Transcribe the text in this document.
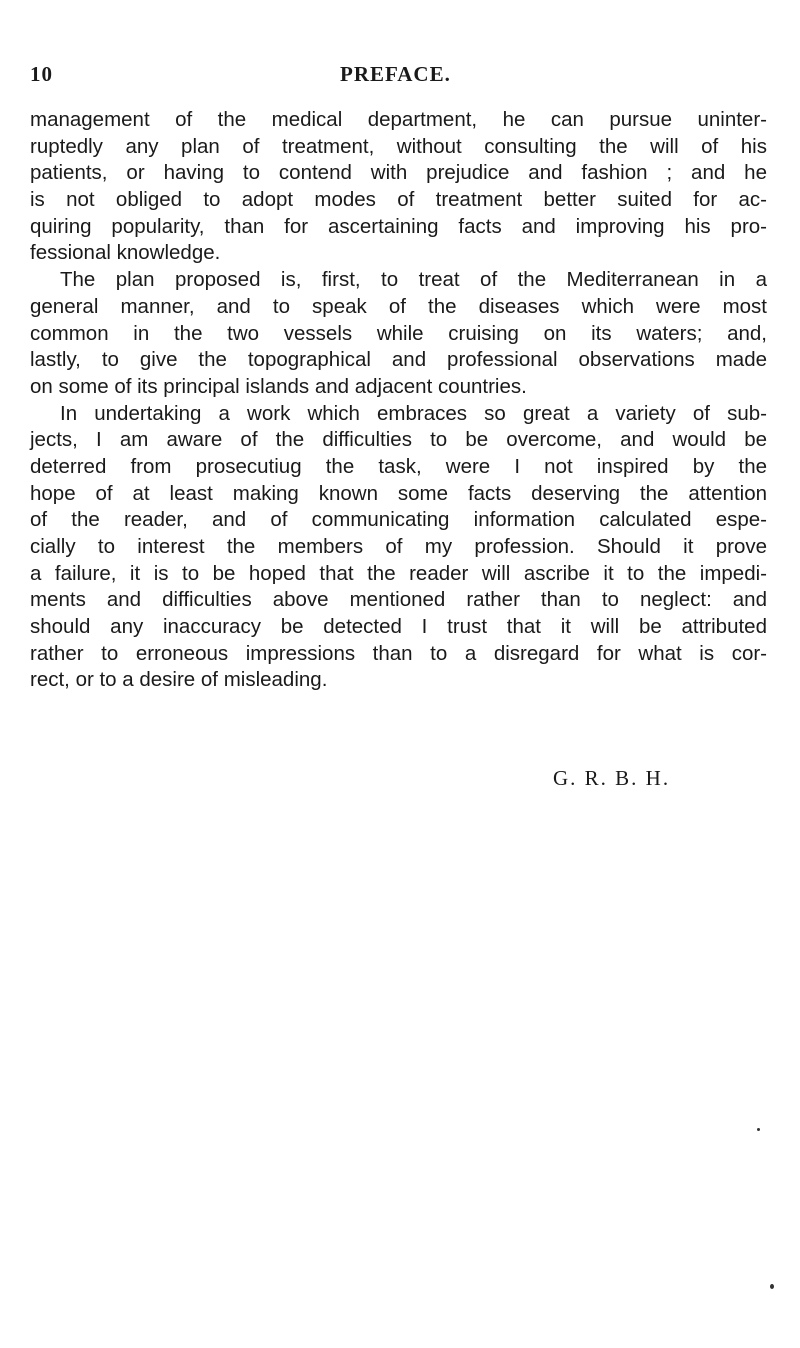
10	PREFACE.
management of the medical department, he can pursue uninter-
ruptedly any plan of treatment, without consulting the will of his
patients, or having to contend with prejudice and fashion ; and he
is not obliged to adopt modes of treatment better suited for ac-
quiring popularity, than for ascertaining facts and improving his pro-
fessional knowledge.
The plan proposed is, first, to treat of the Mediterranean in a
general manner, and to speak of the diseases which were most
common in the two vessels while cruising on its waters; and,
lastly, to give the topographical and professional observations made
on some of its principal islands and adjacent countries.
In undertaking a work which embraces so great a variety of sub-
jects, I am aware of the difficulties to be overcome, and would be
deterred from prosecutiug the task, were I not inspired by the
hope of at least making known some facts deserving the attention
of the reader, and of communicating information calculated espe-
cially to interest the members of my profession. Should it prove
a failure, it is to be hoped that the reader will ascribe it to the impedi-
ments and difficulties above mentioned rather than to neglect: and
should any inaccuracy be detected I trust that it will be attributed
rather to erroneous impressions than to a disregard for what is cor-
rect, or to a desire of misleading.
G. R. B. H.
